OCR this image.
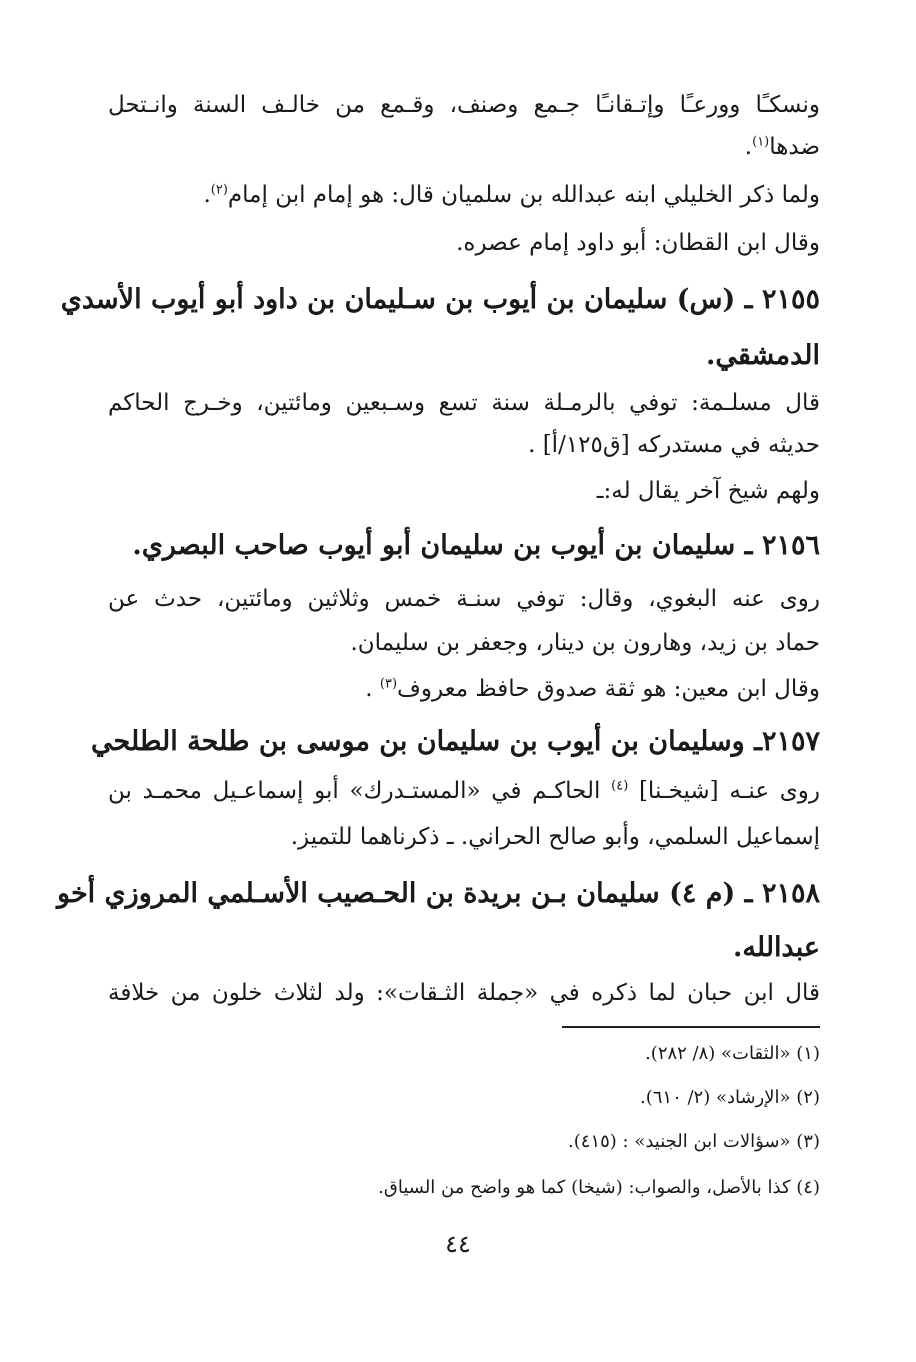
ونسكـًا وورعـًا وإتـقانـًا جـمع وصنف، وقـمع من خالـف السنة وانـتحل
ضدها$^{(١)}$.
ولما ذكر الخليلي ابنه عبدالله بن سلميان قال: هو إمام ابن إمام$^{(٢)}$.
وقال ابن القطان: أبو داود إمام عصره.
٢١٥٥ ـ (س) سليمان بن أيوب بن سـليمان بن داود أبو أيوب الأسدي
الدمشقي.
قال مسلـمة: توفي بالرمـلة سنة تسع وسـبعين ومائتين، وخـرج الحاكم
حديثه في مستدركه [ق١٢٥/أ] .
ولهم شيخ آخر يقال له:ـ
٢١٥٦ ـ سليمان بن أيوب بن سليمان أبو أيوب صاحب البصري.
روى عنه البغوي، وقال: توفي سنـة خمس وثلاثين ومائتين، حدث عن
حماد بن زيد، وهارون بن دينار، وجعفر بن سليمان.
وقال ابن معين: هو ثقة صدوق حافظ معروف$^{(٣)}$ .
٢١٥٧ـ وسليمان بن أيوب بن سليمان بن موسى بن طلحة الطلحي
روى عنـه [شيخـنا] $^{(٤)}$ الحاكـم في «المستـدرك» أبو إسماعـيل محمـد بن
إسماعيل السلمي، وأبو صالح الحراني. ـ ذكرناهما للتميز.
٢١٥٨ ـ (م ٤) سليمان بـن بريدة بن الحـصيب الأسـلمي المروزي أخو
عبدالله.
قال ابن حبان لما ذكره في «جملة الثـقات»: ولد لثلاث خلون من خلافة
(١) «الثقات» (٨/ ٢٨٢).
(٢) «الإرشاد» (٢/ ٦١٠).
(٣) «سؤالات ابن الجنيد» : (٤١٥).
(٤) كذا بالأصل، والصواب: (شيخا) كما هو واضح من السياق.
٤٤
